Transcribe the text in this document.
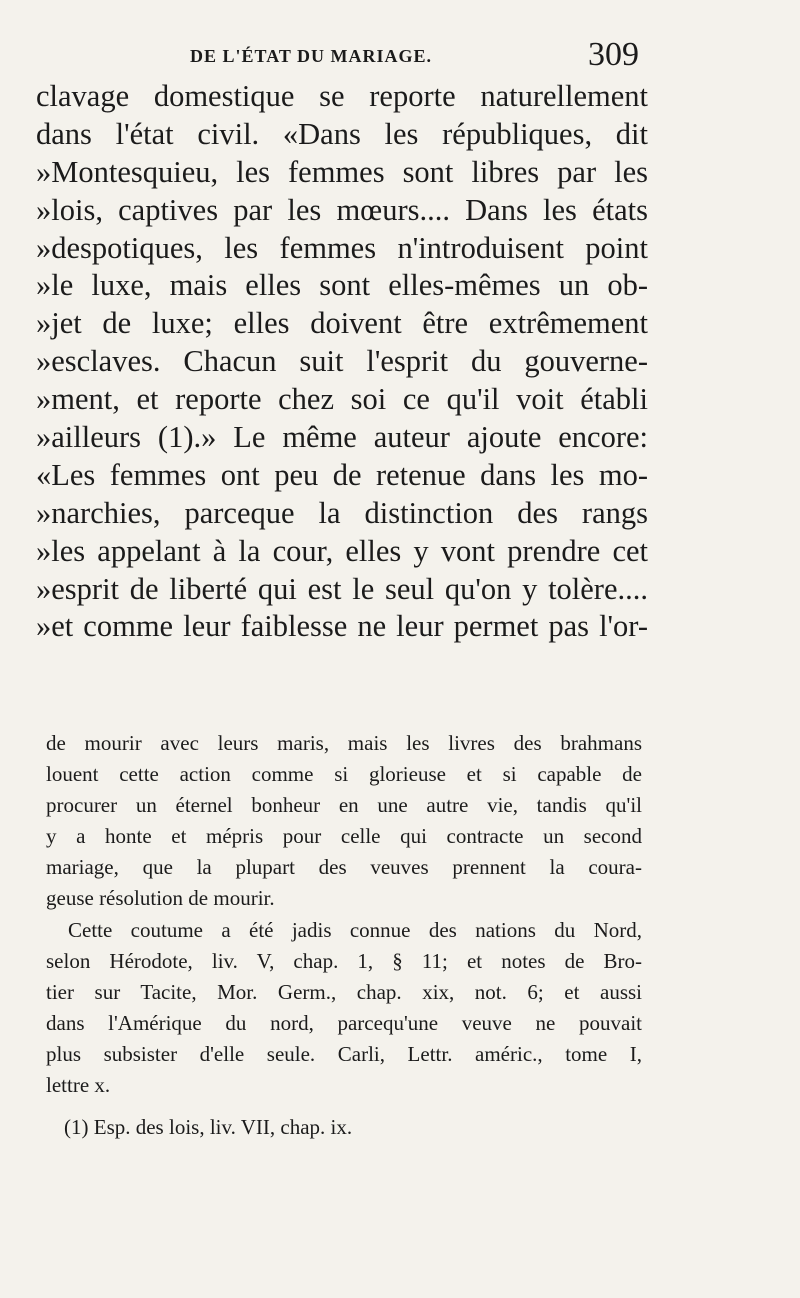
DE L'ÉTAT DU MARIAGE.	309
clavage domestique se reporte naturellement
dans l'état civil. «Dans les républiques, dit
»Montesquieu, les femmes sont libres par les
»lois, captives par les mœurs.... Dans les états
»despotiques, les femmes n'introduisent point
»le luxe, mais elles sont elles-mêmes un ob-
»jet de luxe; elles doivent être extrêmement
»esclaves. Chacun suit l'esprit du gouverne-
»ment, et reporte chez soi ce qu'il voit établi
»ailleurs (1).» Le même auteur ajoute encore:
«Les femmes ont peu de retenue dans les mo-
»narchies, parceque la distinction des rangs
»les appelant à la cour, elles y vont prendre cet
»esprit de liberté qui est le seul qu'on y tolère....
»et comme leur faiblesse ne leur permet pas l'or-
de mourir avec leurs maris, mais les livres des brahmans
louent cette action comme si glorieuse et si capable de
procurer un éternel bonheur en une autre vie, tandis qu'il
y a honte et mépris pour celle qui contracte un second
mariage, que la plupart des veuves prennent la coura-
geuse résolution de mourir.
Cette coutume a été jadis connue des nations du Nord,
selon Hérodote, liv. V, chap. 1, § 11; et notes de Bro-
tier sur Tacite, Mor. Germ., chap. xix, not. 6; et aussi
dans l'Amérique du nord, parcequ'une veuve ne pouvait
plus subsister d'elle seule. Carli, Lettr. améric., tome I,
lettre x.
(1) Esp. des lois, liv. VII, chap. ix.
